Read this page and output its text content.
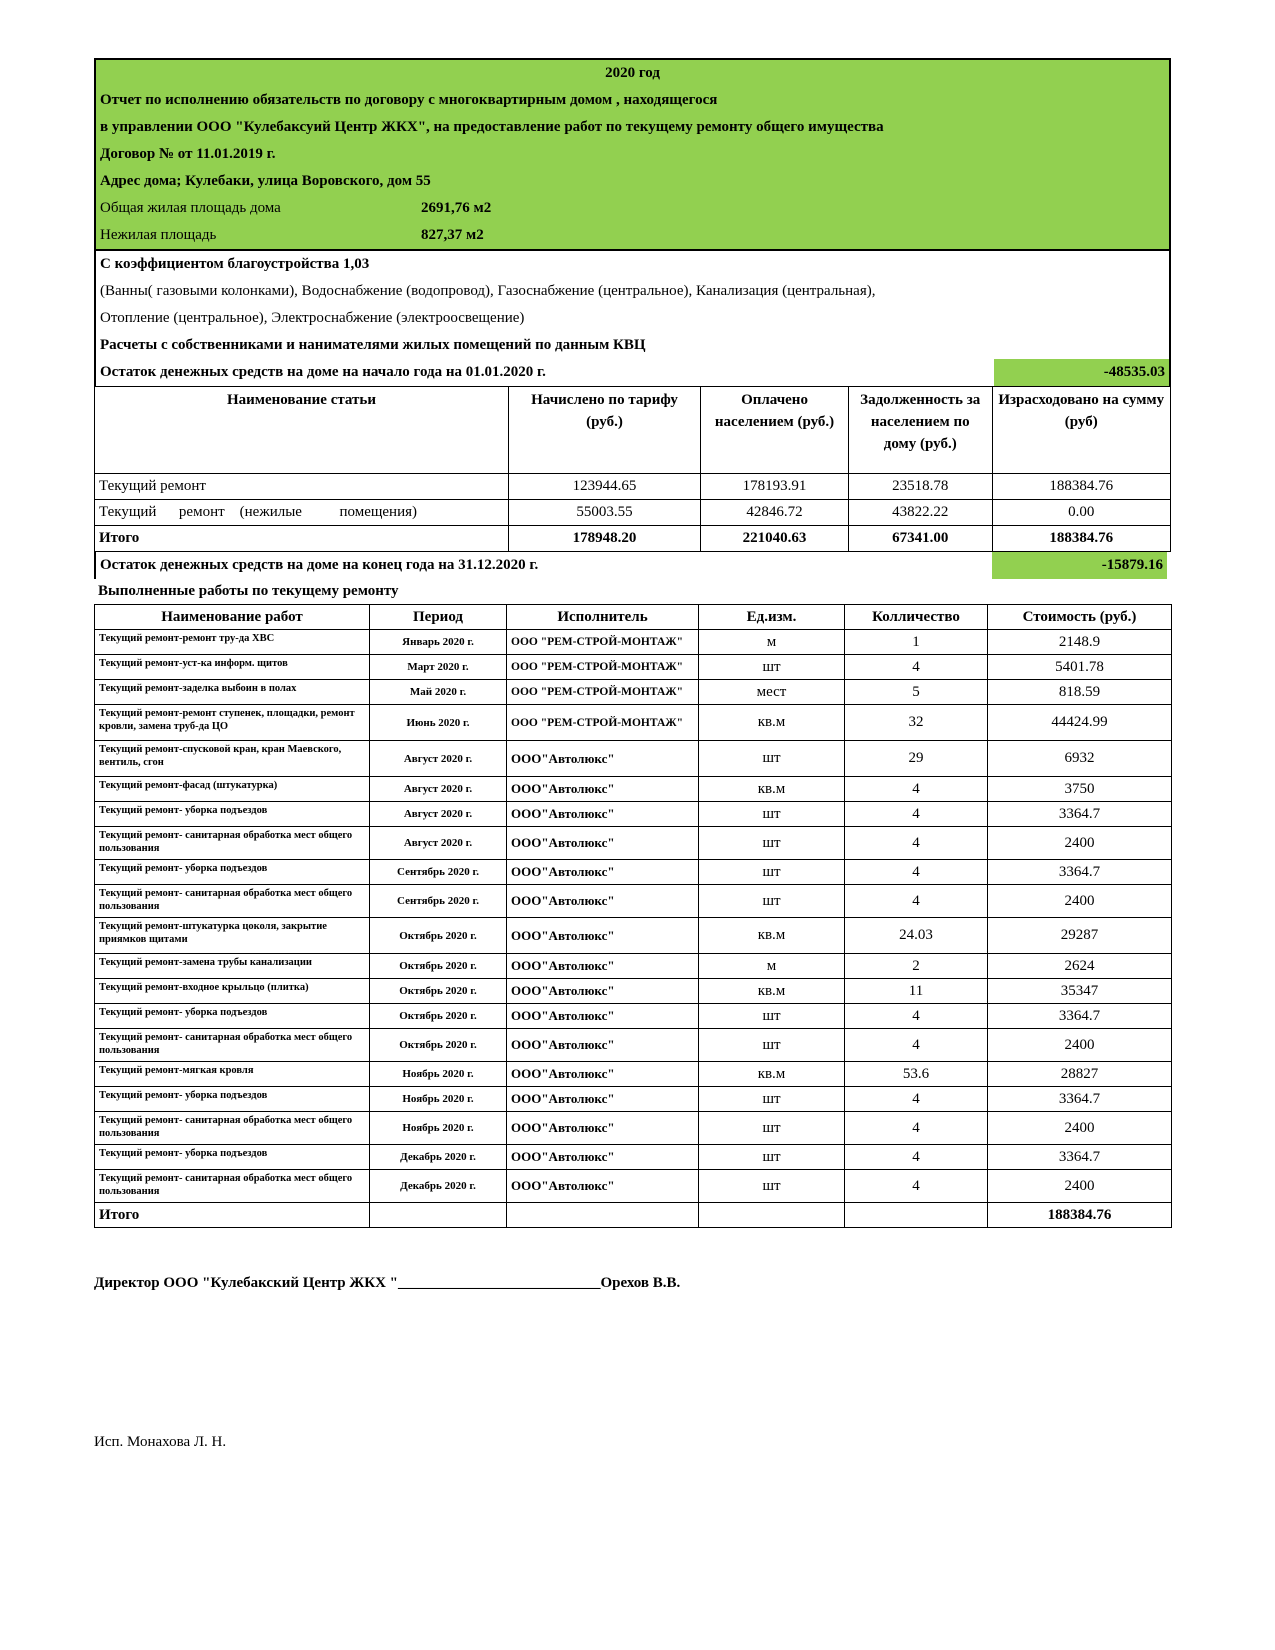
2020 год
Отчет по исполнению обязательств по договору с многоквартирным домом , находящегося
в управлении ООО "Кулебаксуий Центр ЖКХ", на предоставление работ по текущему ремонту общего имущества
Договор № от 11.01.2019 г.
Адрес дома; Кулебаки, улица Воровского, дом 55
Общая жилая площадь дома	2691,76 м2
Нежилая площадь	827,37 м2
С коэффициентом благоустройства 1,03
(Ванны( газовыми колонками), Водоснабжение (водопровод), Газоснабжение (центральное), Канализация (центральная),
Отопление (центральное), Электроснабжение (электроосвещение)
Расчеты с собственниками и нанимателями жилых помещений по данным КВЦ
Остаток денежных средств на доме на начало года на 01.01.2020 г.	-48535.03
Наименование статьи	Начислено по тарифу (руб.)	Оплачено населением (руб.)	Задолженность за населением по дому (руб.)	Израсходовано на сумму (руб)
Текущий ремонт	123944.65	178193.91	23518.78	188384.76
Текущий      ремонт    (нежилые          помещения)	55003.55	42846.72	43822.22	0.00
Итого	178948.20	221040.63	67341.00	188384.76
Остаток денежных средств на доме на конец года на 31.12.2020 г.	-15879.16
Выполненные работы по текущему ремонту
Наименование работ	Период	Исполнитель	Ед.изм.	Колличество	Стоимость (руб.)
Текущий ремонт-ремонт тру-да ХВС	Январь 2020 г.	ООО "РЕМ-СТРОЙ-МОНТАЖ"	м	1	2148.9
Текущий ремонт-уст-ка информ. щитов	Март 2020 г.	ООО "РЕМ-СТРОЙ-МОНТАЖ"	шт	4	5401.78
Текущий ремонт-заделка выбоин в полах	Май 2020 г.	ООО "РЕМ-СТРОЙ-МОНТАЖ"	мест	5	818.59
Текущий ремонт-ремонт ступенек, площадки, ремонт кровли, замена труб-да ЦО	Июнь 2020 г.	ООО "РЕМ-СТРОЙ-МОНТАЖ"	кв.м	32	44424.99
Текущий ремонт-спусковой кран, кран Маевского, вентиль, сгон	Август 2020 г.	ООО"Автолюкс"	шт	29	6932
Текущий ремонт-фасад (штукатурка)	Август 2020 г.	ООО"Автолюкс"	кв.м	4	3750
Текущий ремонт- уборка подъездов	Август 2020 г.	ООО"Автолюкс"	шт	4	3364.7
Текущий ремонт- санитарная обработка мест общего пользования	Август 2020 г.	ООО"Автолюкс"	шт	4	2400
Текущий ремонт- уборка подъездов	Сентябрь 2020 г.	ООО"Автолюкс"	шт	4	3364.7
Текущий ремонт- санитарная обработка мест общего пользования	Сентябрь 2020 г.	ООО"Автолюкс"	шт	4	2400
Текущий ремонт-штукатурка цоколя, закрытие приямков щитами	Октябрь 2020 г.	ООО"Автолюкс"	кв.м	24.03	29287
Текущий ремонт-замена трубы канализации	Октябрь 2020 г.	ООО"Автолюкс"	м	2	2624
Текущий ремонт-входное крыльцо (плитка)	Октябрь 2020 г.	ООО"Автолюкс"	кв.м	11	35347
Текущий ремонт- уборка подъездов	Октябрь 2020 г.	ООО"Автолюкс"	шт	4	3364.7
Текущий ремонт- санитарная обработка мест общего пользования	Октябрь 2020 г.	ООО"Автолюкс"	шт	4	2400
Текущий ремонт-мягкая кровля	Ноябрь 2020 г.	ООО"Автолюкс"	кв.м	53.6	28827
Текущий ремонт- уборка подъездов	Ноябрь 2020 г.	ООО"Автолюкс"	шт	4	3364.7
Текущий ремонт- санитарная обработка мест общего пользования	Ноябрь 2020 г.	ООО"Автолюкс"	шт	4	2400
Текущий ремонт- уборка подъездов	Декабрь 2020 г.	ООО"Автолюкс"	шт	4	3364.7
Текущий ремонт- санитарная обработка мест общего пользования	Декабрь 2020 г.	ООО"Автолюкс"	шт	4	2400
Итого					188384.76
Директор ООО "Кулебакский Центр ЖКХ "___________________________Орехов В.В.
Исп. Монахова Л. Н.
